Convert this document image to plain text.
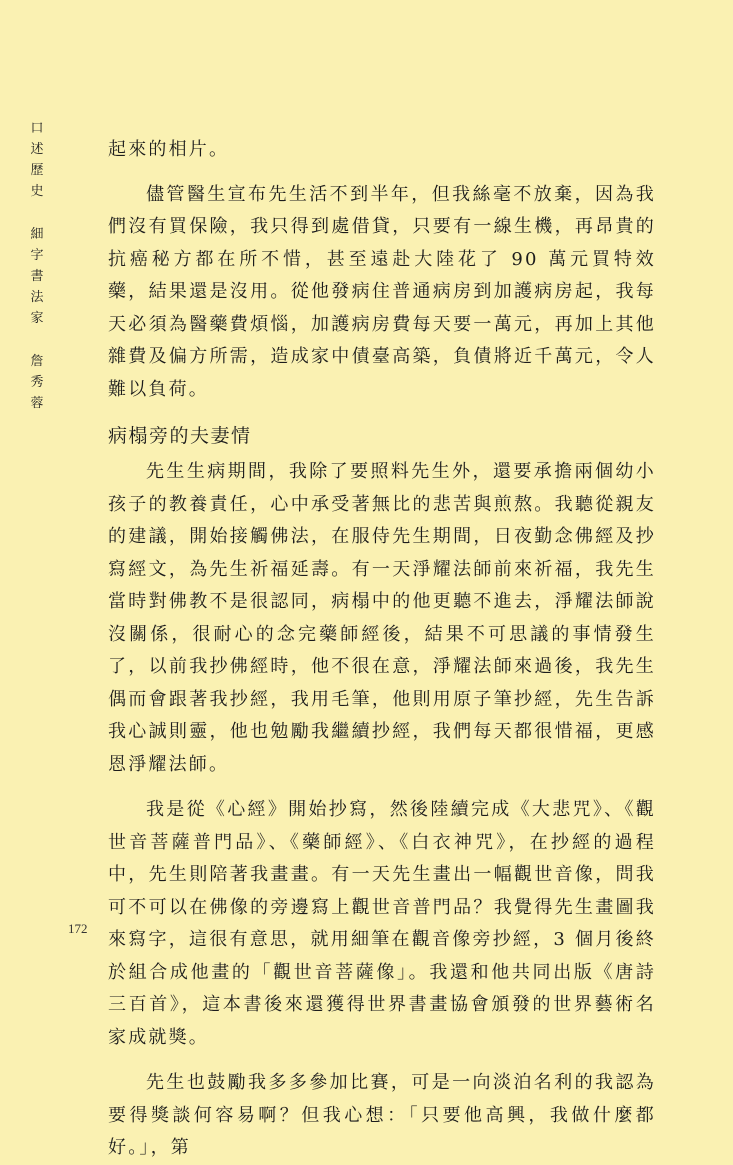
口
述
歷
史
細
字
書
法
家
詹
秀
蓉

起來的相片。

儘管醫生宣布先生活不到半年，但我絲毫不放棄，因為我們沒有買保險，我只得到處借貸，只要有一線生機，再昂貴的抗癌秘方都在所不惜，甚至遠赴大陸花了 90 萬元買特效藥，結果還是沒用。從他發病住普通病房到加護病房起，我每天必須為醫藥費煩惱，加護病房費每天要一萬元，再加上其他雜費及偏方所需，造成家中債臺高築，負債將近千萬元，令人難以負荷。

病榻旁的夫妻情

先生生病期間，我除了要照料先生外，還要承擔兩個幼小孩子的教養責任，心中承受著無比的悲苦與煎熬。我聽從親友的建議，開始接觸佛法，在服侍先生期間，日夜勤念佛經及抄寫經文，為先生祈福延壽。有一天淨耀法師前來祈福，我先生當時對佛教不是很認同，病榻中的他更聽不進去，淨耀法師說沒關係，很耐心的念完藥師經後，結果不可思議的事情發生了，以前我抄佛經時，他不很在意，淨耀法師來過後，我先生偶而會跟著我抄經，我用毛筆，他則用原子筆抄經，先生告訴我心誠則靈，他也勉勵我繼續抄經，我們每天都很惜福，更感恩淨耀法師。

我是從《心經》開始抄寫，然後陸續完成《大悲咒》、《觀世音菩薩普門品》、《藥師經》、《白衣神咒》，在抄經的過程中，先生則陪著我畫畫。有一天先生畫出一幅觀世音像，問我可不可以在佛像的旁邊寫上觀世音普門品？我覺得先生畫圖我來寫字，這很有意思，就用細筆在觀音像旁抄經，3 個月後終於組合成他畫的「觀世音菩薩像」。我還和他共同出版《唐詩三百首》，這本書後來還獲得世界書畫協會頒發的世界藝術名家成就獎。

先生也鼓勵我多多參加比賽，可是一向淡泊名利的我認為要得獎談何容易啊？但我心想：「只要他高興，我做什麼都好。」，第

172
